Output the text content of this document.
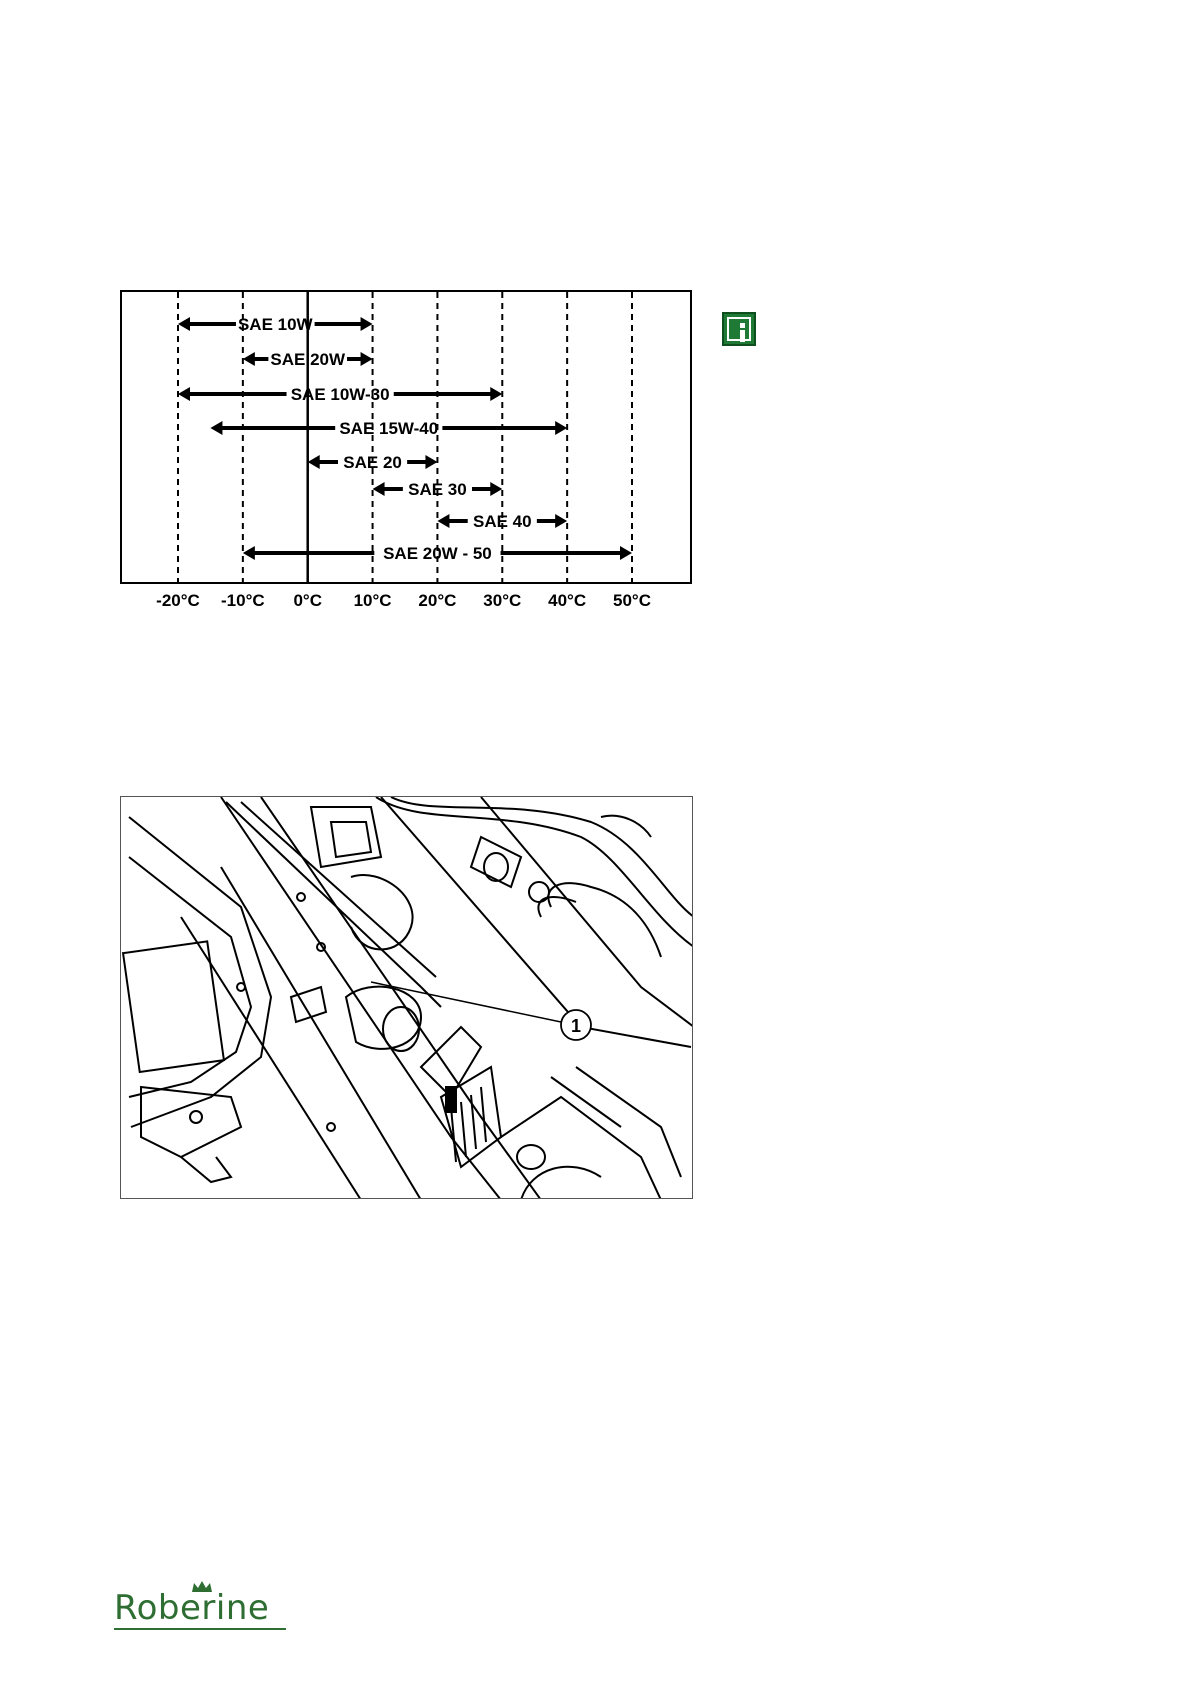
-20°C -10°C 0°C 10°C 20°C 30°C 40°C 50°C
SAE 10W
SAE 20W
SAE 10W-30
SAE 15W-40
SAE 20
SAE 30
SAE 40
SAE 20W - 50
1
Roberine
